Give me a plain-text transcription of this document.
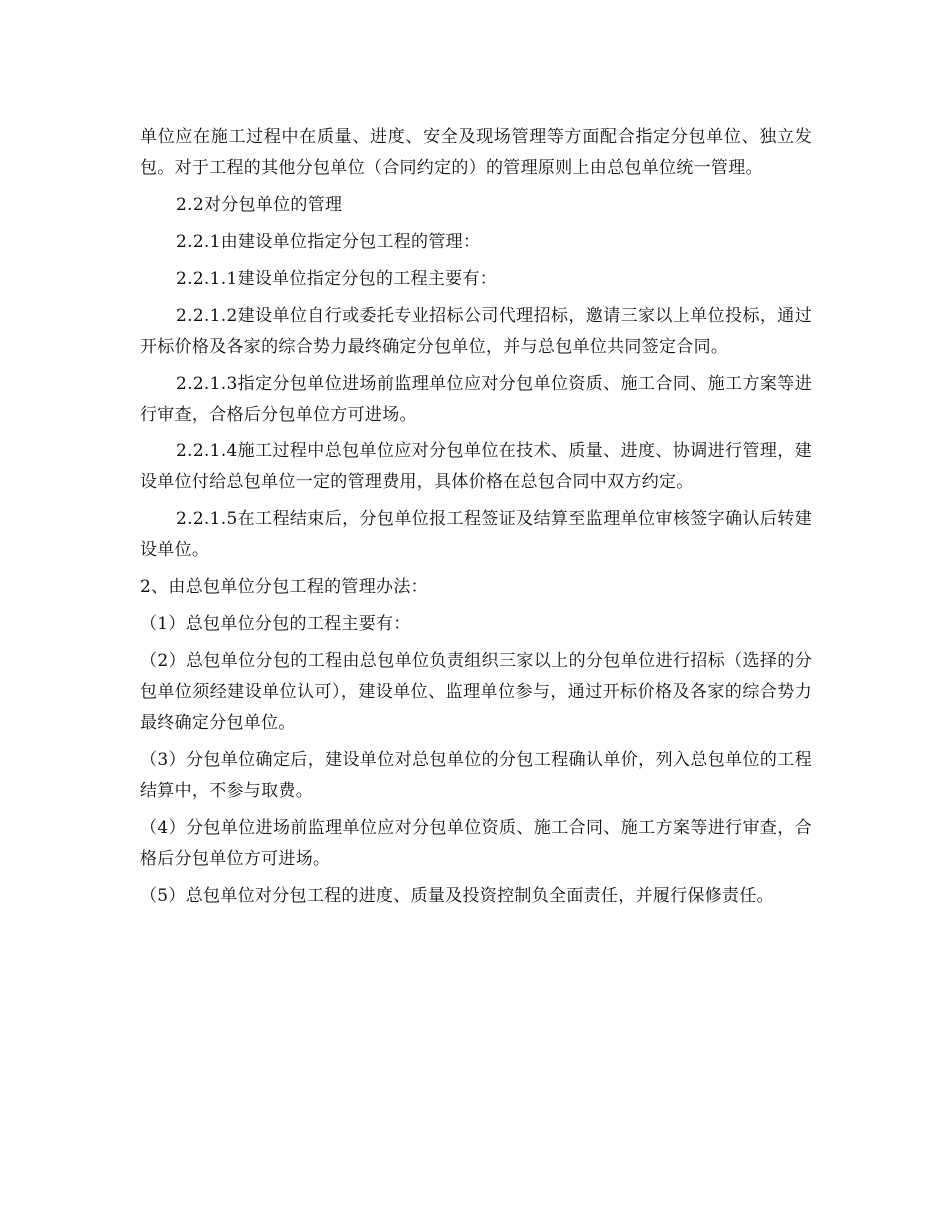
单位应在施工过程中在质量、进度、安全及现场管理等方面配合指定分包单位、独立发包。对于工程的其他分包单位（合同约定的）的管理原则上由总包单位统一管理。

2.2对分包单位的管理

2.2.1由建设单位指定分包工程的管理：

2.2.1.1建设单位指定分包的工程主要有：

2.2.1.2建设单位自行或委托专业招标公司代理招标，邀请三家以上单位投标，通过开标价格及各家的综合势力最终确定分包单位，并与总包单位共同签定合同。

2.2.1.3指定分包单位进场前监理单位应对分包单位资质、施工合同、施工方案等进行审查，合格后分包单位方可进场。

2.2.1.4施工过程中总包单位应对分包单位在技术、质量、进度、协调进行管理，建设单位付给总包单位一定的管理费用，具体价格在总包合同中双方约定。

2.2.1.5在工程结束后，分包单位报工程签证及结算至监理单位审核签字确认后转建设单位。

2、由总包单位分包工程的管理办法：

（1）总包单位分包的工程主要有：

（2）总包单位分包的工程由总包单位负责组织三家以上的分包单位进行招标（选择的分包单位须经建设单位认可），建设单位、监理单位参与，通过开标价格及各家的综合势力最终确定分包单位。

（3）分包单位确定后，建设单位对总包单位的分包工程确认单价，列入总包单位的工程结算中，不参与取费。

（4）分包单位进场前监理单位应对分包单位资质、施工合同、施工方案等进行审查，合格后分包单位方可进场。

（5）总包单位对分包工程的进度、质量及投资控制负全面责任，并履行保修责任。
